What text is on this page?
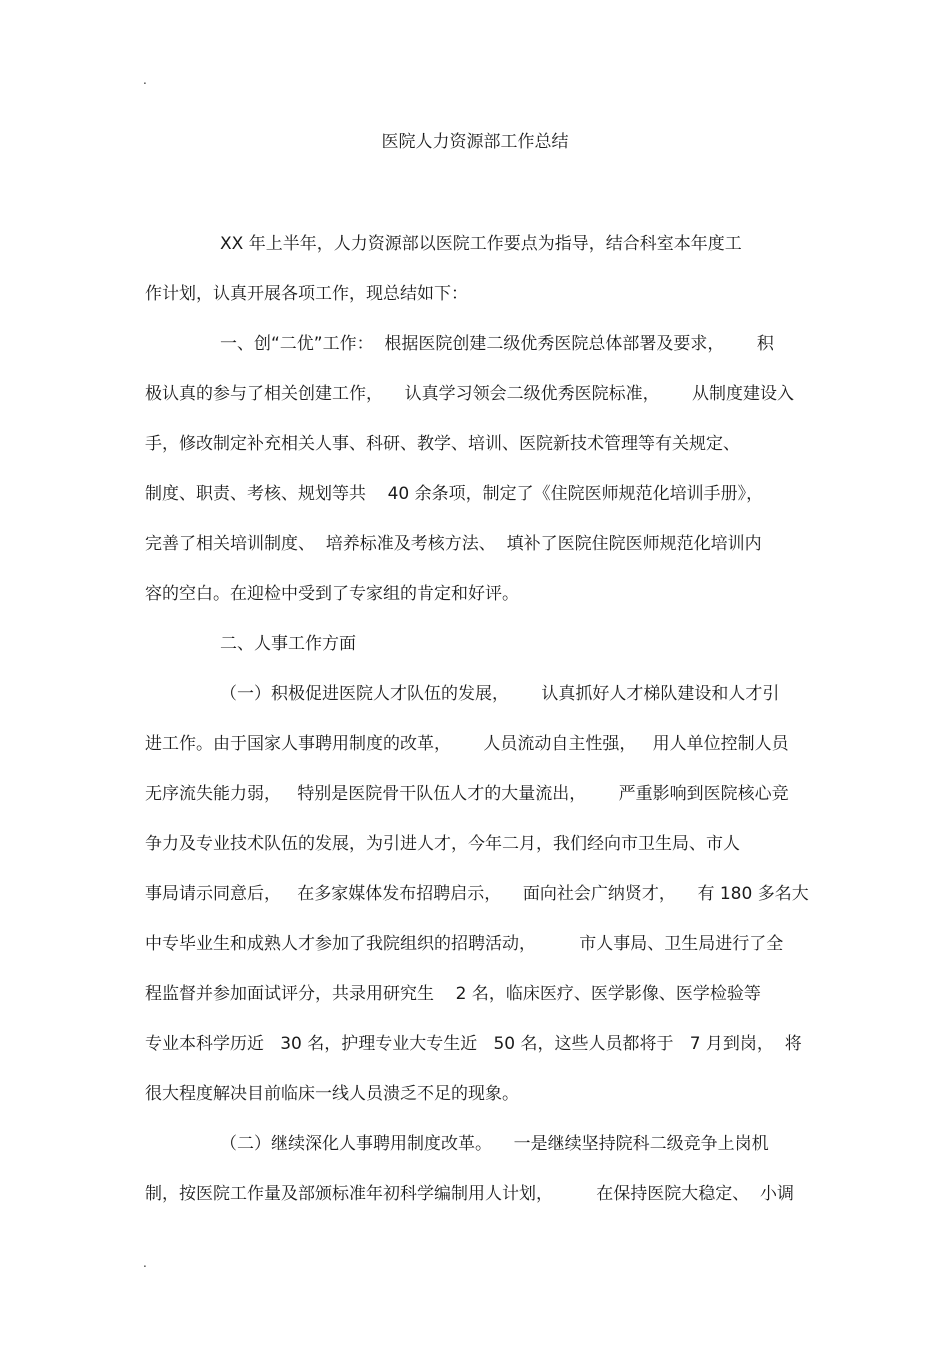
.
医院人力资源部工作总结

XX 年上半年，人力资源部以医院工作要点为指导，结合科室本年度工

作计划，认真开展各项工作，现总结如下：

一、创“二优”工作：  根据医院创建二级优秀医院总体部署及要求，      积

极认真的参与了相关创建工作，    认真学习领会二级优秀医院标准，      从制度建设入

手，修改制定补充相关人事、科研、教学、培训、医院新技术管理等有关规定、

制度、职责、考核、规划等共    40 余条项，制定了《住院医师规范化培训手册》，

完善了相关培训制度、  培养标准及考核方法、  填补了医院住院医师规范化培训内

容的空白。在迎检中受到了专家组的肯定和好评。

二、人事工作方面

（一）积极促进医院人才队伍的发展，      认真抓好人才梯队建设和人才引

进工作。由于国家人事聘用制度的改革，      人员流动自主性强，   用人单位控制人员

无序流失能力弱，   特别是医院骨干队伍人才的大量流出，      严重影响到医院核心竞

争力及专业技术队伍的发展，为引进人才，今年二月，我们经向市卫生局、市人

事局请示同意后，   在多家媒体发布招聘启示，    面向社会广纳贤才，    有 180 多名大

中专毕业生和成熟人才参加了我院组织的招聘活动，        市人事局、卫生局进行了全

程监督并参加面试评分，共录用研究生    2 名，临床医疗、医学影像、医学检验等

专业本科学历近   30 名，护理专业大专生近   50 名，这些人员都将于   7 月到岗，  将

很大程度解决目前临床一线人员溃乏不足的现象。

（二）继续深化人事聘用制度改革。    一是继续坚持院科二级竞争上岗机

制，按医院工作量及部颁标准年初科学编制用人计划，        在保持医院大稳定、  小调

.
